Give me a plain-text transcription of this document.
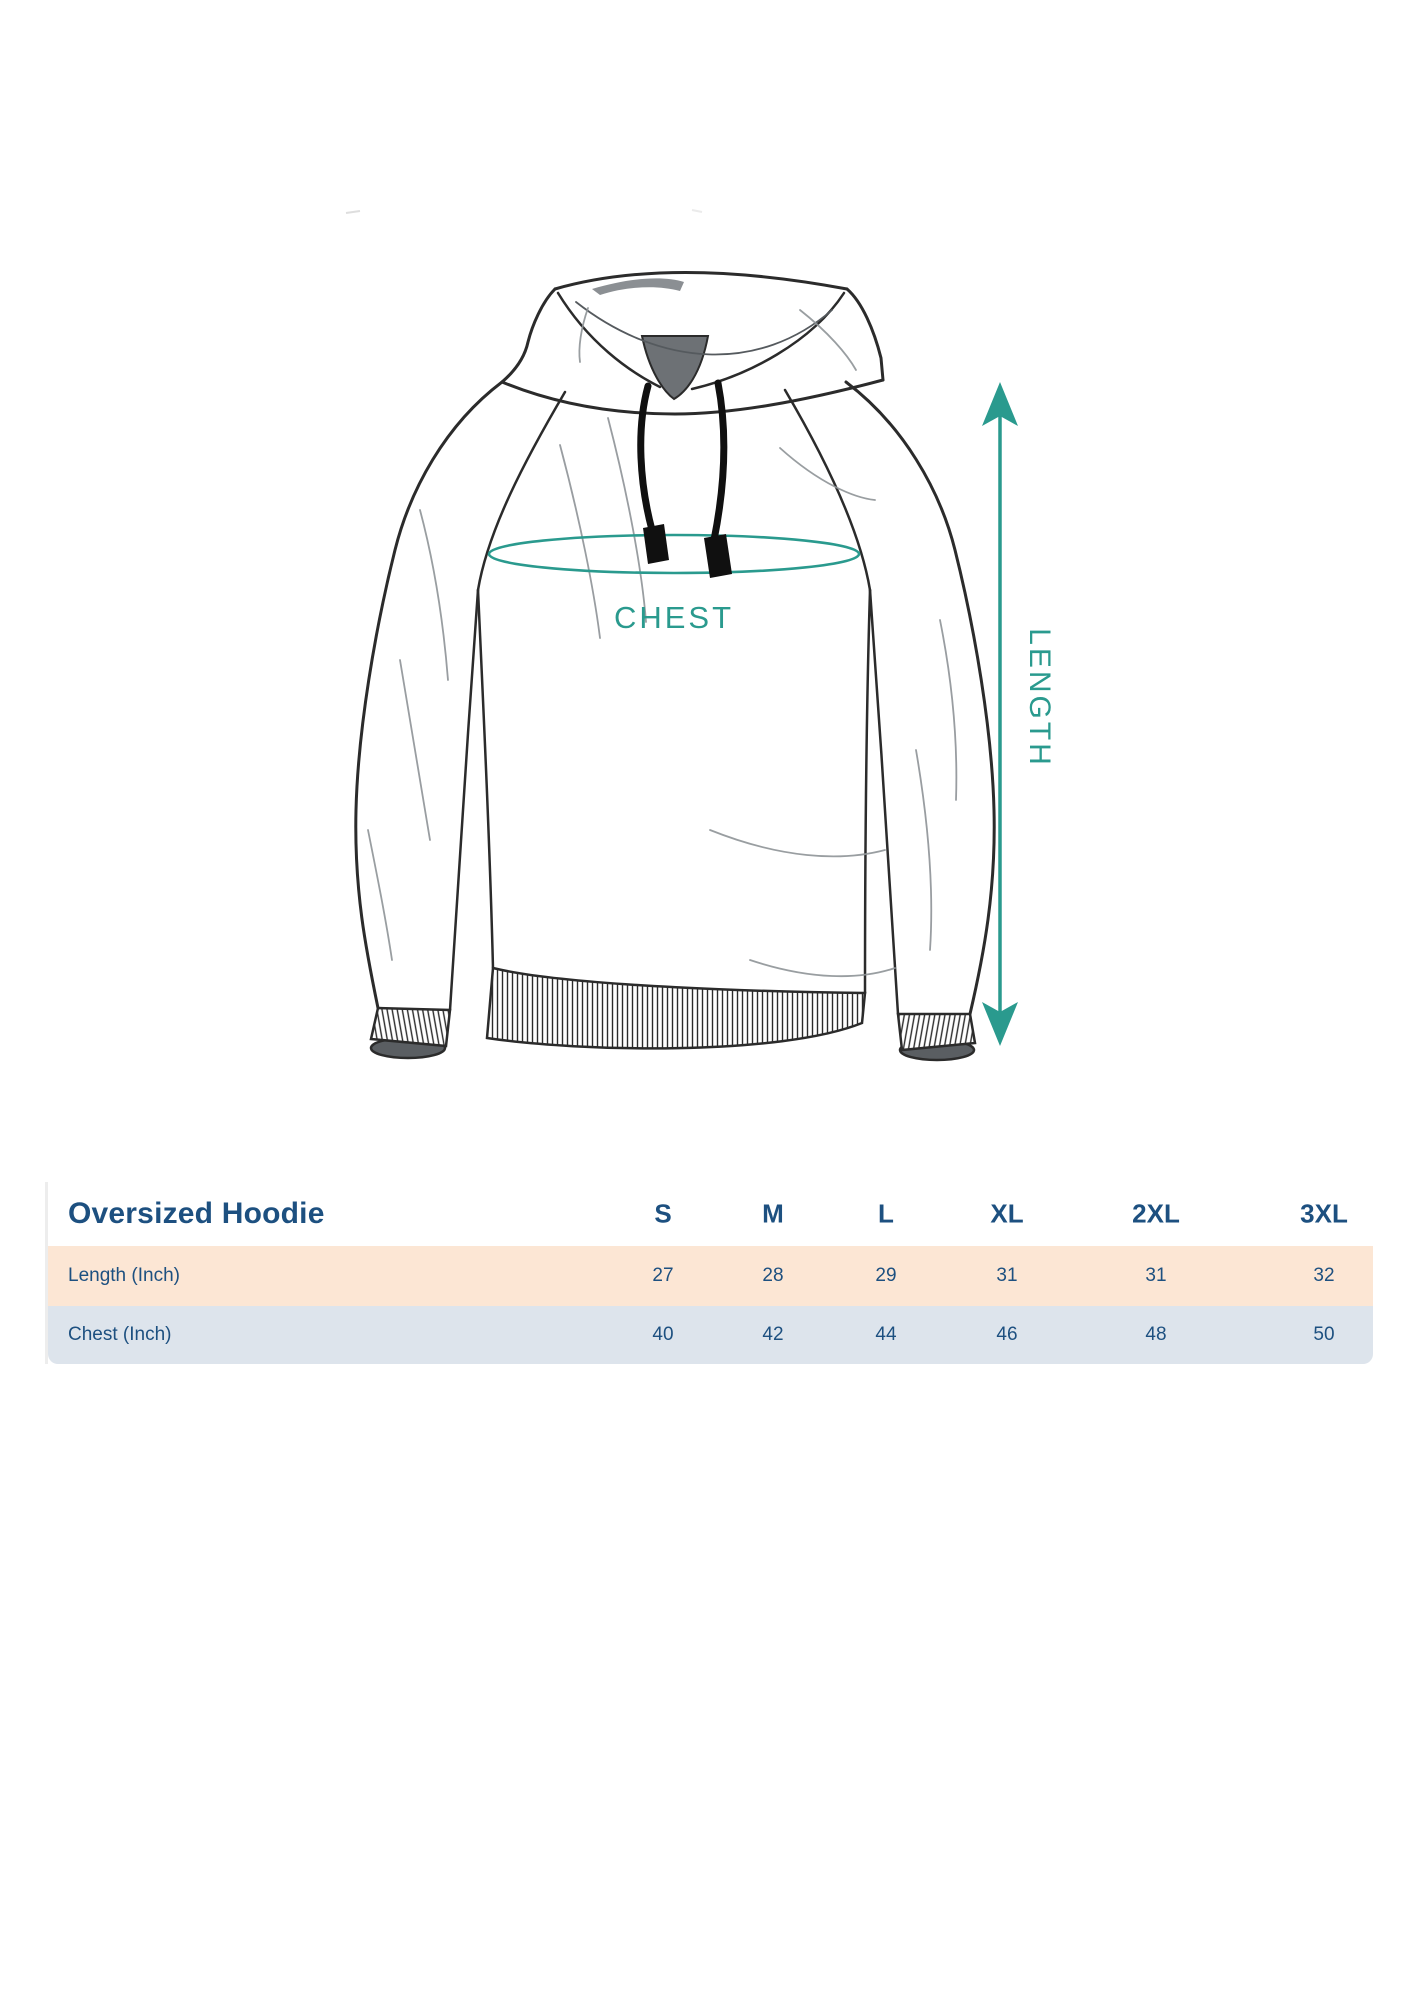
CHEST
LENGTH
Oversized Hoodie	S	M	L	XL	2XL	3XL
Length (Inch)	27	28	29	31	31	32
Chest (Inch)	40	42	44	46	48	50
